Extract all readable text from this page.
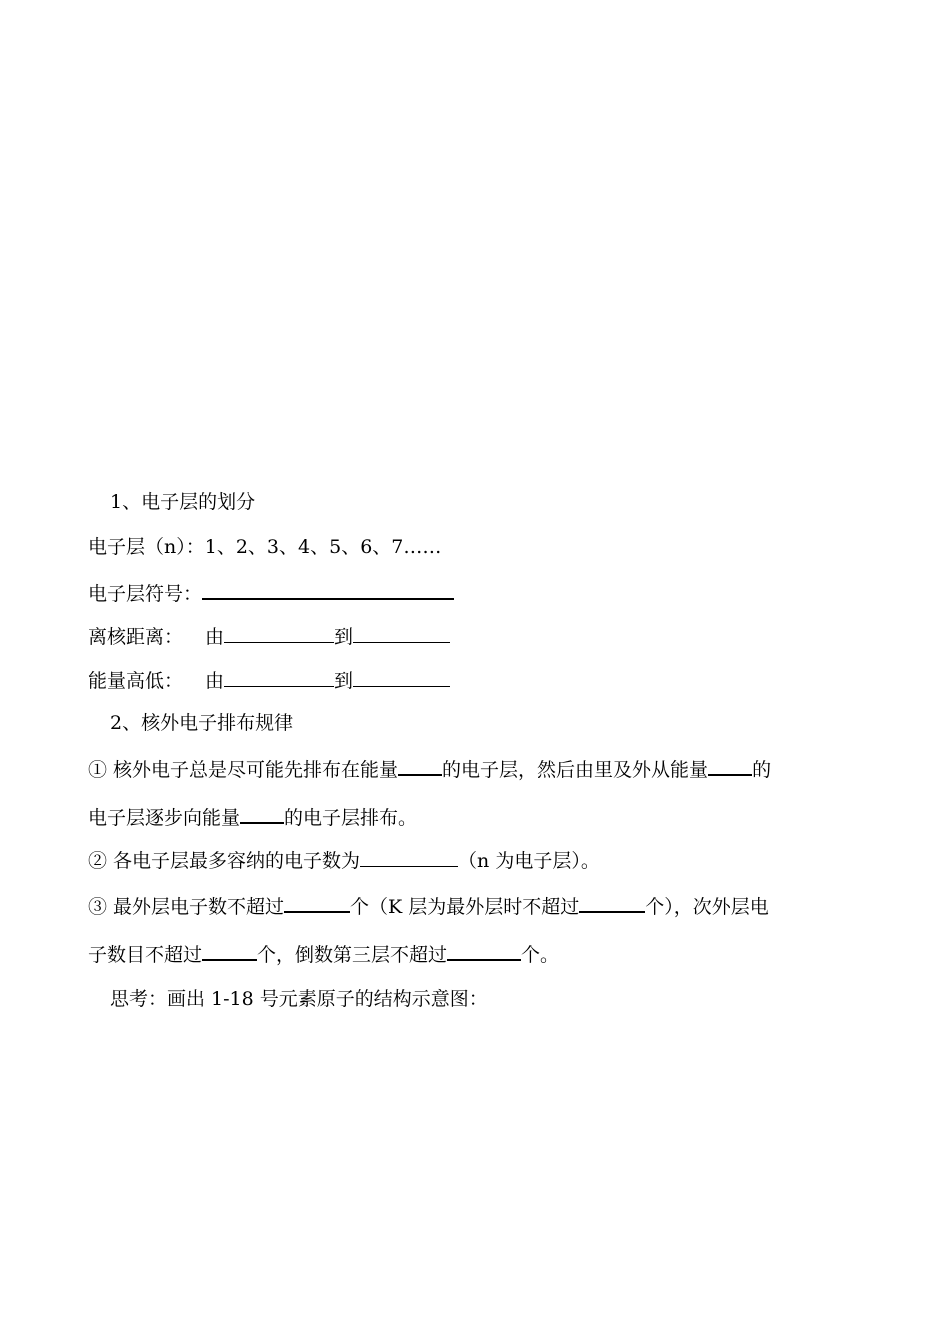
1、电子层的划分
电子层（n）：1、2、3、4、5、6、7……
电子层符号：
离核距离： 由	到
能量高低： 由	到
2、核外电子排布规律
① 核外电子总是尽可能先排布在能量 的电子层，然后由里及外从能量 的
电子层逐步向能量 的电子层排布。
② 各电子层最多容纳的电子数为	（n 为电子层）。
③ 最外层电子数不超过	个（K 层为最外层时不超过	个），次外层电
子数目不超过	个，倒数第三层不超过	个。
思考：画出 1-18 号元素原子的结构示意图：
